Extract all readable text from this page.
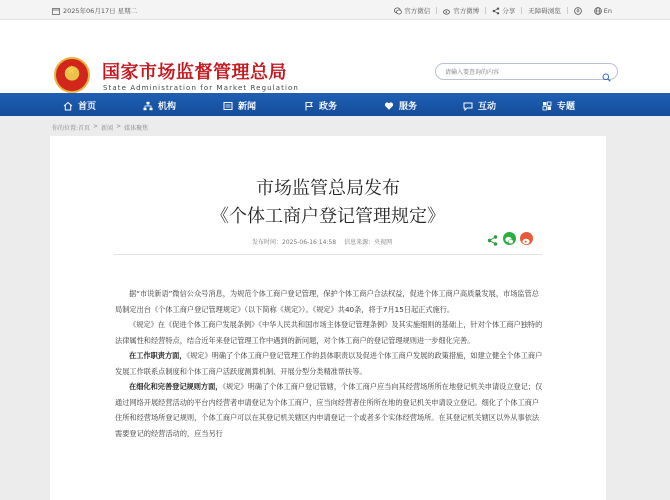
2025年06月17日 星期二	官方微信	官方微博	分享 无障碍浏览	En
★
国家市场监督管理总局
State Administration for Market Regulation
请输入要查询的内容
首页	机构	新闻	政务	服务	互动	专题
你的位置:首页 > 新闻 > 媒体聚焦
市场监管总局发布
《个体工商户登记管理规定》
发布时间：2025-06-16 14:58 信息来源：央视网

据“市说新语”微信公众号消息，为规范个体工商户登记管理，保护个体工商户合法权益，促进个体工商户高质量发展，市场监管总局制定出台《个体工商户登记管理规定》（以下简称《规定》）。《规定》共40条，将于7月15日起正式施行。

《规定》在《促进个体工商户发展条例》《中华人民共和国市场主体登记管理条例》及其实施细则的基础上，针对个体工商户独特的法律属性和经营特点，结合近年来登记管理工作中遇到的新问题，对个体工商户的登记管理规则进一步细化完善。

在工作职责方面，《规定》明确了个体工商户登记管理工作的县体职责以及促进个体工商户发展的政策措施，如建立健全个体工商户发展工作联系点制度和个体工商户活跃度测算机制、开展分型分类精准帮扶等。

在细化和完善登记规则方面，《规定》明确了个体工商户登记管辖，个体工商户应当向其经营场所所在地登记机关申请设立登记；仅通过网络开展经营活动的平台内经营者申请登记为个体工商户，应当向经营者住所所在地的登记机关申请设立登记。细化了个体工商户住所和经营场所登记规则，个体工商户可以在其登记机关辖区内申请登记一个或者多个实体经营场所。在其登记机关辖区以外从事依法需要登记的经营活动的，应当另行
